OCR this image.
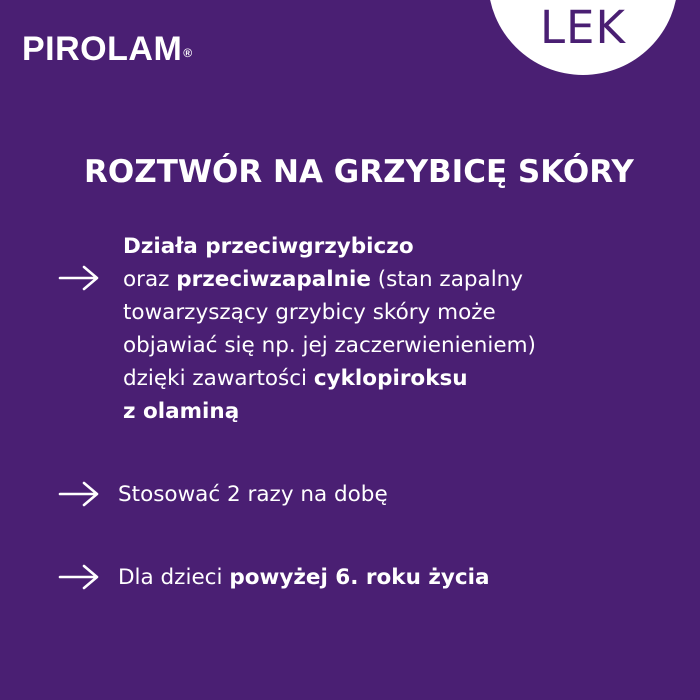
PIROLAM®	LEK
ROZTWÓR NA GRZYBICĘ SKÓRY
Działa przeciwgrzybiczo
oraz przeciwzapalnie (stan zapalny
towarzyszący grzybicy skóry może
objawiać się np. jej zaczerwienieniem)
dzięki zawartości cyklopiroksu
z olaminą
Stosować 2 razy na dobę
Dla dzieci powyżej 6. roku życia
